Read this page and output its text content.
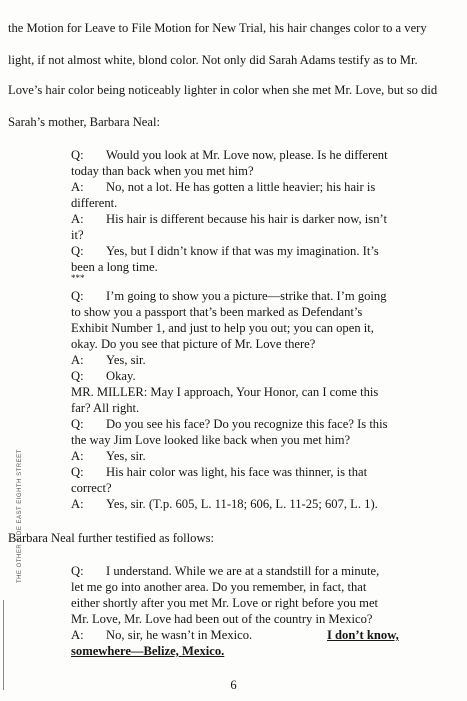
the Motion for Leave to File Motion for New Trial, his hair changes color to a very
light, if not almost white, blond color. Not only did Sarah Adams testify as to Mr.
Love’s hair color being noticeably lighter in color when she met Mr. Love, but so did
Sarah’s mother, Barbara Neal:
Q: Would you look at Mr. Love now, please. Is he different
today than back when you met him?
A: No, not a lot. He has gotten a little heavier; his hair is
different.
A: His hair is different because his hair is darker now, isn’t
it?
Q: Yes, but I didn’t know if that was my imagination. It’s
been a long time.
***
Q: I’m going to show you a picture—strike that. I’m going
to show you a passport that’s been marked as Defendant’s
Exhibit Number 1, and just to help you out; you can open it,
okay. Do you see that picture of Mr. Love there?
A: Yes, sir.
Q: Okay.
MR. MILLER: May I approach, Your Honor, can I come this
far? All right.
Q: Do you see his face? Do you recognize this face? Is this
the way Jim Love looked like back when you met him?
A: Yes, sir.
Q: His hair color was light, his face was thinner, is that
correct?
A: Yes, sir. (T.p. 605, L. 11-18; 606, L. 11-25; 607, L. 1).
Barbara Neal further testified as follows:
Q: I understand. While we are at a standstill for a minute,
let me go into another area. Do you remember, in fact, that
either shortly after you met Mr. Love or right before you met
Mr. Love, Mr. Love had been out of the country in Mexico?
A: No, sir, he wasn’t in Mexico.	I don’t know,
somewhere—Belize, Mexico.
THE OTHER SIDE EAST EIGHTH STREET
6
